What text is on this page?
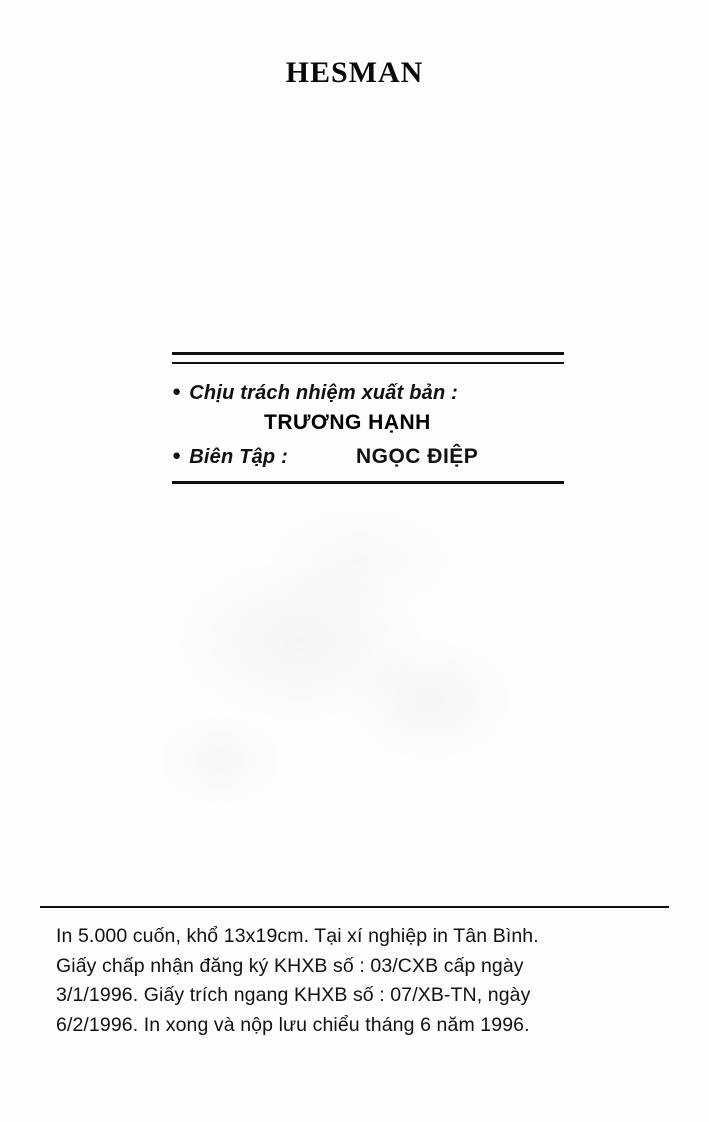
HESMAN
● Chịu trách nhiệm xuất bản :
TRƯƠNG HẠNH
● Biên Tập :	NGỌC ĐIỆP
In 5.000 cuốn, khổ 13x19cm. Tại xí nghiệp in Tân Bình.
Giấy chấp nhận đăng ký KHXB số : 03/CXB cấp ngày
3/1/1996. Giấy trích ngang KHXB số : 07/XB-TN, ngày
6/2/1996. In xong và nộp lưu chiểu tháng 6 năm 1996.
